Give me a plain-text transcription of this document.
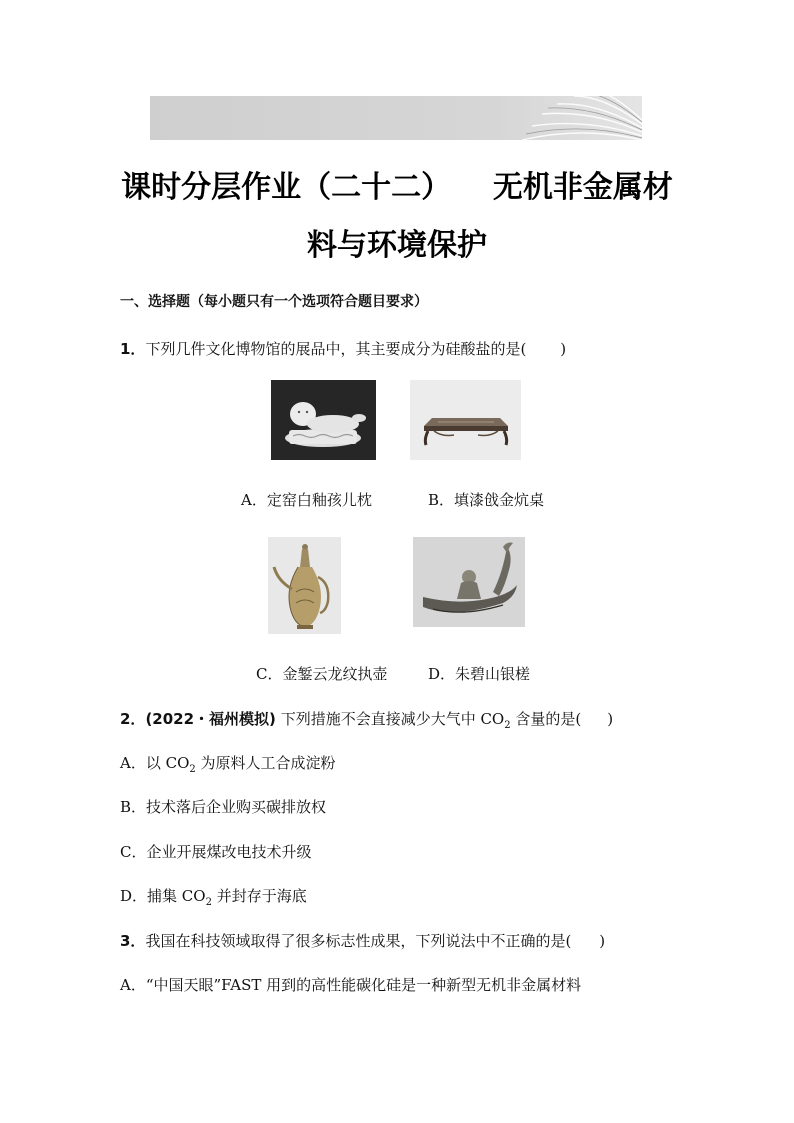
课时分层作业（二十二）    无机非金属材
料与环境保护
一、选择题（每小题只有一个选项符合题目要求）
1．下列几件文化博物馆的展品中，其主要成分为硅酸盐的是( )
A．定窑白釉孩儿枕	B．填漆戗金炕桌
C．金錾云龙纹执壶	D．朱碧山银槎
2．(2022・福州模拟) 下列措施不会直接减少大气中 $CO_2$ 含量的是( )
A．以 $CO_2$ 为原料人工合成淀粉
B．技术落后企业购买碳排放权
C．企业开展煤改电技术升级
D．捕集 $CO_2$ 并封存于海底
3．我国在科技领域取得了很多标志性成果，下列说法中不正确的是( )
A．“中国天眼”FAST 用到的高性能碳化硅是一种新型无机非金属材料
